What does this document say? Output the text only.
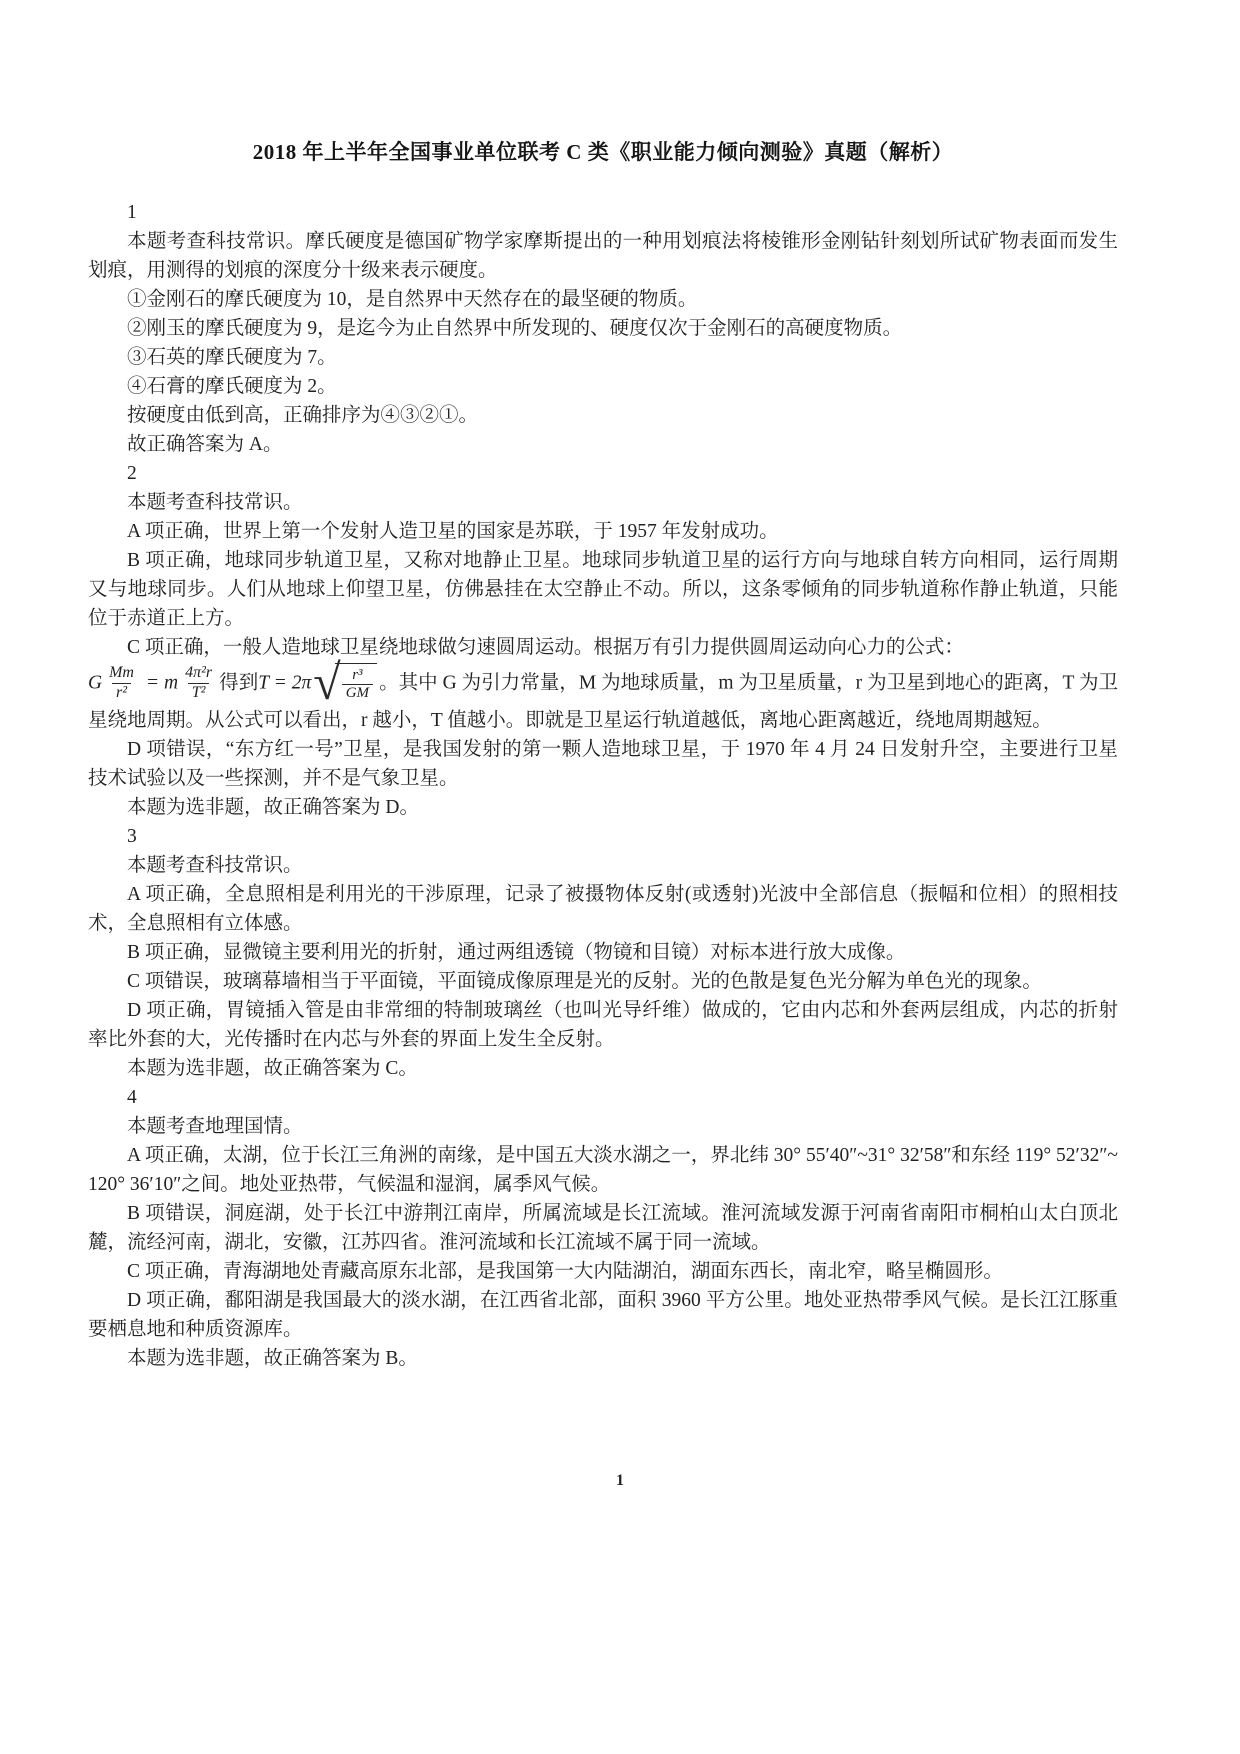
2018 年上半年全国事业单位联考 C 类《职业能力倾向测验》真题（解析）

1

本题考查科技常识。摩氏硬度是德国矿物学家摩斯提出的一种用划痕法将棱锥形金刚钻针刻划所试矿物表面而发生划痕，用测得的划痕的深度分十级来表示硬度。

①金刚石的摩氏硬度为 10，是自然界中天然存在的最坚硬的物质。

②刚玉的摩氏硬度为 9，是迄今为止自然界中所发现的、硬度仅次于金刚石的高硬度物质。

③石英的摩氏硬度为 7。

④石膏的摩氏硬度为 2。

按硬度由低到高，正确排序为④③②①。

故正确答案为 A。

2

本题考查科技常识。

A 项正确，世界上第一个发射人造卫星的国家是苏联，于 1957 年发射成功。

B 项正确，地球同步轨道卫星，又称对地静止卫星。地球同步轨道卫星的运行方向与地球自转方向相同，运行周期又与地球同步。人们从地球上仰望卫星，仿佛悬挂在太空静止不动。所以，这条零倾角的同步轨道称作静止轨道，只能位于赤道正上方。

C 项正确，一般人造地球卫星绕地球做匀速圆周运动。根据万有引力提供圆周运动向心力的公式：

G $\frac{Mm}{\text{r²}} = m \frac{\text{4π²r}}{\text{T²}}$ 得到T = 2π √ $\frac{\text{r³}}{GM}$ 。其中 G 为引力常量，M 为地球质量，m 为卫星质量，r 为卫星到地心的距离，T 为卫星绕地周期。从公式可以看出，r 越小，T 值越小。即就是卫星运行轨道越低，离地心距离越近，绕地周期越短。

D 项错误，“东方红一号”卫星，是我国发射的第一颗人造地球卫星，于 1970 年 4 月 24 日发射升空，主要进行卫星技术试验以及一些探测，并不是气象卫星。

本题为选非题，故正确答案为 D。

3

本题考查科技常识。

A 项正确，全息照相是利用光的干涉原理，记录了被摄物体反射(或透射)光波中全部信息（振幅和位相）的照相技术，全息照相有立体感。

B 项正确，显微镜主要利用光的折射，通过两组透镜（物镜和目镜）对标本进行放大成像。

C 项错误，玻璃幕墙相当于平面镜，平面镜成像原理是光的反射。光的色散是复色光分解为单色光的现象。

D 项正确，胃镜插入管是由非常细的特制玻璃丝（也叫光导纤维）做成的，它由内芯和外套两层组成，内芯的折射率比外套的大，光传播时在内芯与外套的界面上发生全反射。

本题为选非题，故正确答案为 C。

4

本题考查地理国情。

A 项正确，太湖，位于长江三角洲的南缘，是中国五大淡水湖之一，界北纬 30° 55′40″~31° 32′58″和东经 119° 52′32″~120° 36′10″之间。地处亚热带，气候温和湿润，属季风气候。

B 项错误，洞庭湖，处于长江中游荆江南岸，所属流域是长江流域。淮河流域发源于河南省南阳市桐柏山太白顶北麓，流经河南，湖北，安徽，江苏四省。淮河流域和长江流域不属于同一流域。

C 项正确，青海湖地处青藏高原东北部，是我国第一大内陆湖泊，湖面东西长，南北窄，略呈椭圆形。

D 项正确，鄱阳湖是我国最大的淡水湖，在江西省北部，面积 3960 平方公里。地处亚热带季风气候。是长江江豚重要栖息地和种质资源库。

本题为选非题，故正确答案为 B。

1
